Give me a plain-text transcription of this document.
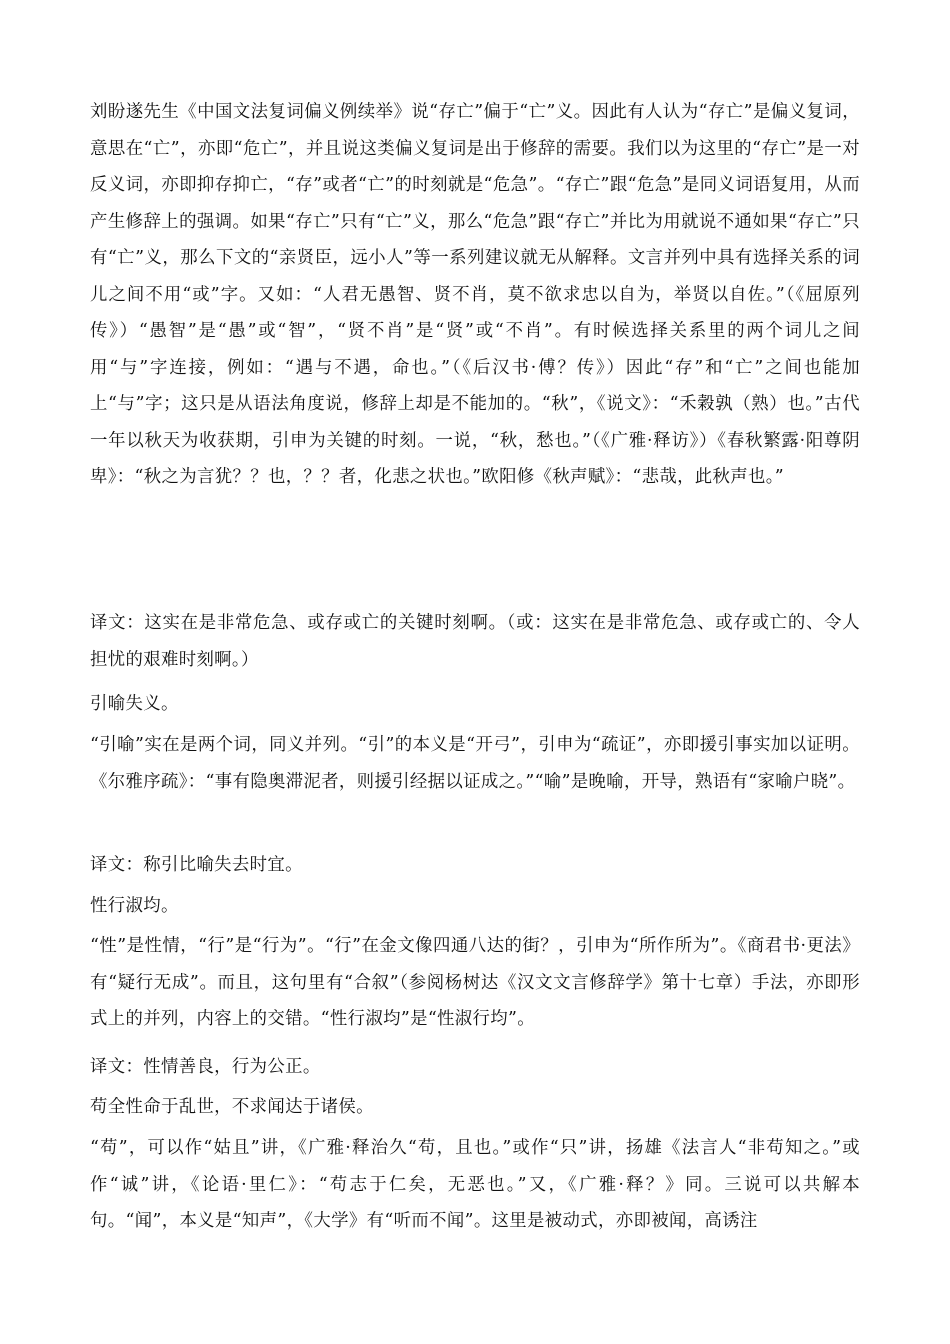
刘盼遂先生《中国文法复词偏义例续举》说“存亡”偏于“亡”义。因此有人认为“存亡”是偏义复词，意思在“亡”，亦即“危亡”，并且说这类偏义复词是出于修辞的需要。我们以为这里的“存亡”是一对反义词，亦即抑存抑亡，“存”或者“亡”的时刻就是“危急”。“存亡”跟“危急”是同义词语复用，从而产生修辞上的强调。如果“存亡”只有“亡”义，那么“危急”跟“存亡”并比为用就说不通如果“存亡”只有“亡”义，那么下文的“亲贤臣，远小人”等一系列建议就无从解释。文言并列中具有选择关系的词儿之间不用“或”字。又如：“人君无愚智、贤不肖，莫不欲求忠以自为，举贤以自佐。”（《屈原列传》）“愚智”是“愚”或“智”，“贤不肖”是“贤”或“不肖”。有时候选择关系里的两个词儿之间用“与”字连接，例如：“遇与不遇，命也。”（《后汉书·傅？传》）因此“存”和“亡”之间也能加上“与”字；这只是从语法角度说，修辞上却是不能加的。“秋”，《说文》：“禾穀孰（熟）也。”古代一年以秋天为收获期，引申为关键的时刻。一说，“秋，愁也。”（《广雅·释访》）《春秋繁露·阳尊阴卑》：“秋之为言犹？？也，？？者，化悲之状也。”欧阳修《秋声赋》：“悲哉，此秋声也。”

译文：这实在是非常危急、或存或亡的关键时刻啊。（或：这实在是非常危急、或存或亡的、令人担忧的艰难时刻啊。）

引喻失义。

“引喻”实在是两个词，同义并列。“引”的本义是“开弓”，引申为“疏证”，亦即援引事实加以证明。《尔雅序疏》：“事有隐奥滞泥者，则援引经据以证成之。”“喻”是晚喻，开导，熟语有“家喻户晓”。

译文：称引比喻失去时宜。

性行淑均。

“性”是性情，“行”是“行为”。“行”在金文像四通八达的街？，引申为“所作所为”。《商君书·更法》有“疑行无成”。而且，这句里有“合叙”（参阅杨树达《汉文文言修辞学》第十七章）手法，亦即形式上的并列，内容上的交错。“性行淑均”是“性淑行均”。

译文：性情善良，行为公正。

苟全性命于乱世，不求闻达于诸侯。

“苟”，可以作“姑且”讲，《广雅·释治久“苟，且也。”或作“只”讲，扬雄《法言人“非苟知之。”或作“诚”讲，《论语·里仁》：“苟志于仁矣，无恶也。”又，《广雅·释？》同。三说可以共解本句。“闻”，本义是“知声”，《大学》有“听而不闻”。这里是被动式，亦即被闻，高诱注
